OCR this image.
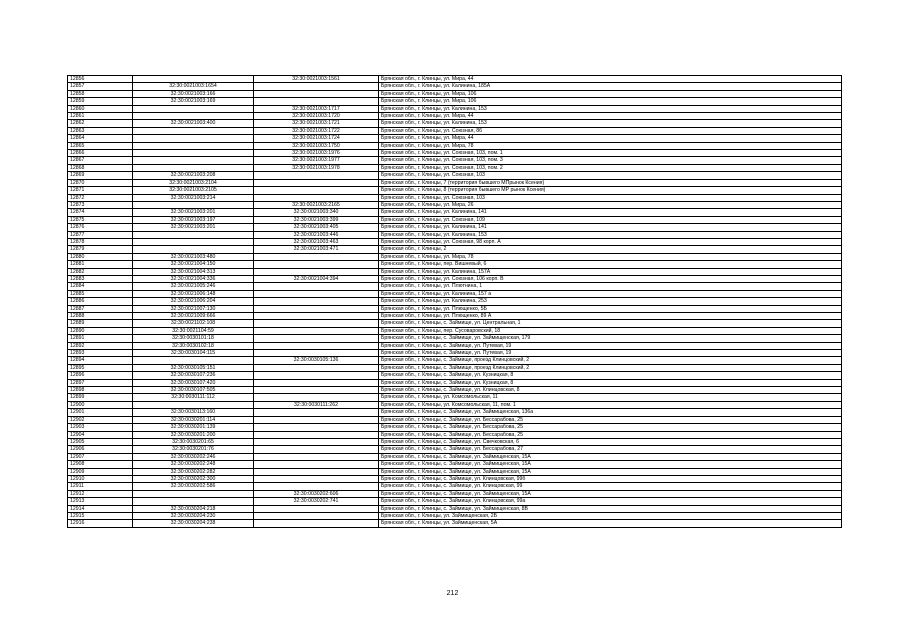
12856		32:30:0021003:1561	Брянская обл., г. Клинцы, ул. Мира, 44
12857	32:30:0021003:1654		Брянская обл., г. Клинцы, ул. Калинина, 185А
12858	32:30:0021003:166		Брянская обл., г. Клинцы, ул. Мира, 106
12859	32:30:0021003:169		Брянская обл., г. Клинцы, ул. Мира, 106
12860		32:30:0021003:1717	Брянская обл., г. Клинцы, ул. Калинина, 153
12861		32:30:0021003:1720	Брянская обл., г. Клинцы, ул. Мира, 44
12862	32:30:0021003:400	32:30:0021003:1721	Брянская обл., г. Клинцы, ул. Калинина, 153
12863		32:30:0021003:1722	Брянская обл., г. Клинцы, ул. Союзная, 86
12864		32:30:0021003:1724	Брянская обл., г. Клинцы, ул. Мира, 44
12865		32:30:0021003:1750	Брянская обл., г. Клинцы, ул. Мира, 78
12866		32:30:0021003:1976	Брянская обл., г. Клинцы, ул. Союзная, 103, пом. 1
12867		32:30:0021003:1977	Брянская обл., г. Клинцы, ул. Союзная, 103, пом. 3
12868		32:30:0021003:1978	Брянская обл., г. Клинцы, ул. Союзная, 103, пом. 2
12869	32:30:0021003:208		Брянская обл., г. Клинцы, ул. Союзная, 103
12870	32:30:0021003:2104		Брянская обл., г. Клинцы, 7 (территория бывшего МПрынок Ксения)
12871	32:30:0021003:2105		Брянская обл., г. Клинцы, 8 (территория бывшего МР рынок Ксения)
12872	32:30:0021003:214		Брянская обл., г. Клинцы, ул. Союзная, 103
12873		32:30:0021003:2165	Брянская обл., г. Клинцы, ул. Мира, 26
12874	32:30:0021003:201	32:30:0021003:340	Брянская обл., г. Клинцы, ул. Калинина, 141
12875	32:30:0021003:197	32:30:0021003:399	Брянская обл., г. Клинцы, ул. Союзная, 109
12876	32:30:0021003:201	32:30:0021003:405	Брянская обл., г. Клинцы, ул. Калинина, 141
12877		32:30:0021003:446	Брянская обл., г. Клинцы, ул. Калинина, 153
12878		32:30:0021003:463	Брянская обл., г. Клинцы, ул. Союзная, 98 корп. А
12879		32:30:0021003:471	Брянская обл., г. Клинцы, 2
12880	32:30:0021003:480		Брянская обл., г. Клинцы, ул. Мира, 78
12881	32:30:0021004:150		Брянская обл., г. Клинцы, пер. Вишневый, 6
12882	32:30:0021004:313		Брянская обл., г. Клинцы, ул. Калинина, 157А
12883	32:30:0021004:336	32:30:0021004:394	Брянская обл., г. Клинцы, ул. Союзная, 106 корп. В
12884	32:30:0021005:246		Брянская обл., г. Клинцы, ул. Плютнина, 1
12885	32:30:0021006:148		Брянская обл., г. Клинцы, ул. Калинина, 157 а
12886	32:30:0021006:204		Брянская обл., г. Клинцы, ул. Калинина, 253
12887	32:30:0021007:130		Брянская обл., г. Клинцы, ул. Плющенко, 5Б
12888	32:30:0021009:666		Брянская обл., г. Клинцы, ул. Плющенко, 89 А
12889	32:30:0021102:108		Брянская обл., г. Клинцы, с. Займище, ул. Центральная, 1
12890	32:30:0021104:59		Брянская обл., г. Клинцы, пер. Сусоваровский, 18
12891	32:30:0030101:18		Брянская обл., г. Клинцы, с. Займище, ул. Займищенская, 179
12892	32:30:0030102:18		Брянская обл., г. Клинцы, с. Займище, ул. Путевая, 19
12893	32:30:0030104:115		Брянская обл., г. Клинцы, с. Займище, ул. Путевая, 19
12894		32:30:0030105:136	Брянская обл., г. Клинцы, с. Займище, проезд Клинцовский, 2
12895	32:30:0030105:151		Брянская обл., г. Клинцы, с. Займище, проезд Клинцовский, 2
12896	32:30:0030107:236		Брянская обл., г. Клинцы, с. Займище, ул. Кузницкая, 8
12897	32:30:0030107:420		Брянская обл., г. Клинцы, с. Займище, ул. Кузницкая, 8
12898	32:30:0030107:505		Брянская обл., г. Клинцы, с. Займище, ул. Клинцовская, 8
12899	32:30:0030111:112		Брянская обл., г. Клинцы, ул. Комсомольская, 11
12900		32:30:0030111:262	Брянская обл., г. Клинцы, ул. Комсомольская, 11, пом. 1
12901	32:30:0030113:160		Брянская обл., г. Клинцы, с. Займище, ул. Займищенская, 136а
12902	32:30:0030201:114		Брянская обл., г. Клинцы, с. Займище, ул. Бессарабова, 25
12903	32:30:0030201:139		Брянская обл., г. Клинцы, с. Займище, ул. Бессарабова, 25
12904	32:30:0030201:200		Брянская обл., г. Клинцы, с. Займище, ул. Бессарабова, 25
12905	32:30:0030201:65		Брянская обл., г. Клинцы, с. Займище, ул. Свечковская, 6
12906	32:30:0030201:76		Брянская обл., г. Клинцы, с. Займище, ул. Бессарабова, 27
12907	32:30:0030202:246		Брянская обл., г. Клинцы, с. Займище, ул. Займищенская, 15А
12908	32:30:0030202:248		Брянская обл., г. Клинцы, с. Займище, ул. Займищенская, 15А
12909	32:30:0030202:282		Брянская обл., г. Клинцы, с. Займище, ул. Займищенская, 15А
12910	32:30:0030202:300		Брянская обл., г. Клинцы, с. Займище, ул. Клинцовская, 99б
12911	32:30:0030202:586		Брянская обл., г. Клинцы, с. Займище, ул. Клинцовская, 99
12912		32:30:0030202:606	Брянская обл., г. Клинцы, с. Займище, ул. Займищенская, 15А
12913		32:30:0030202:741	Брянская обл., г. Клинцы, с. Займище, ул. Клинцовская, 99а
12914	32:30:0030204:218		Брянская обл., г. Клинцы, с. Займище, ул. Займищенская, 8В
12915	32:30:0030204:230		Брянская обл., г. Клинцы, ул. Займищенская, 2Б
12916	32:30:0030204:238		Брянская обл., г. Клинцы, ул. Займищенская, 5А
212
